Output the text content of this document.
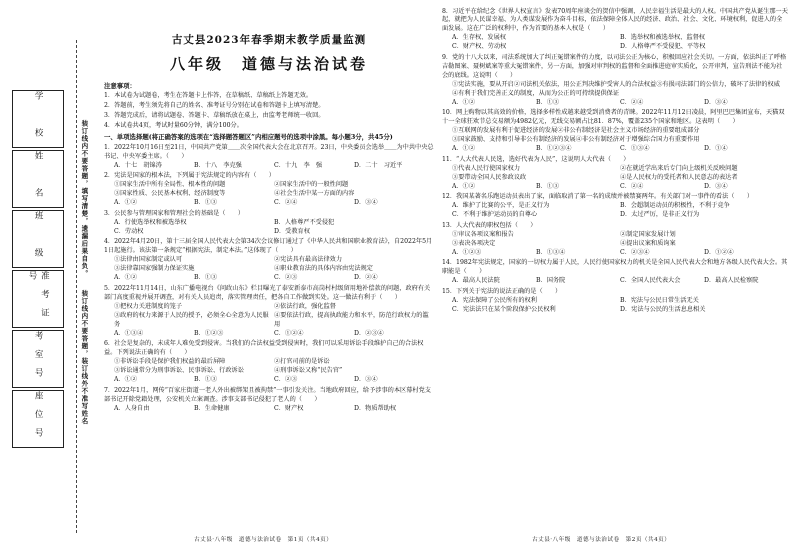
学　校
姓　名
班　级
准考证号
考室号
座位号
装订线内不要答题，填写清楚，遗漏后果自负。
装订线内不要答题，装订线外不准写姓名
古丈县2023年春季期末教学质量监测
八年级　道德与法治试卷
注意事项：
1．本试卷为试题卷，考生在答题卡上作答，在草稿纸、草稿纸上答题无效。
2．答题前，考生须先将自己的姓名、准考证号分别在试卷和答题卡上填写清楚。
3．答题完成后，请将试题卷、答题卡、草稿纸放在桌上，由监考老师统一收回。
4．本试卷共4页，考试时量60分钟，满分100分。
一、单项选择题(将正确答案的选项在“选择题答题区”内相应题号的选项中涂黑。每小题3分，共45分)
1．2022年10月16日至21日，中国共产党第＿＿次全国代表大会在北京召开。23日，中央委员会选举＿＿为中共中央总书记、中央军委主席。（　　）
A．十七　胡锦涛	B．十八　李克强	C．十九　李　强	D．二十　习近平
2．宪法是国家的根本法，下列属于宪法规定的内容有（　　）
①国家生活中所有全局性、根本性的问题	②国家生活中的一般性问题
③国家性质、公民基本权利、经济制度等	④社会生活中某一方面的内容
A．①②	B．①③	C．②④	D．③④
3．公民参与管理国家和管理社会的基础是（　　）
A．行使选举权和被选举权	B．人格尊严不受侵犯
C．劳动权	D．受教育权
4．2022年4月20日，第十三届全国人民代表大会第34次会议修订通过了《中华人民共和国职业教育法》，自2022年5月1日起施行。该法第一条规定“根据宪法，制定本法。”这体现了（　　）
①法律由国家制定或认可	②宪法具有最高法律效力
③法律靠国家强制力保证实施	④职业教育法的具体内容由宪法规定
A．①②	B．①③	C．②③	D．②④
5．2022年11月14日，山东广播电视台《问政山东》栏目曝光了泰安新泰市高岗村村级留用地补偿款的问题，政府有关部门高度重视并展开调查，对有关人员追责，落实管理责任，把各自工作做到实处。这一做法有利于（　　）
①把权力关进制度的笼子	②依法行政，强化监督
③政府的权力来源于人民的授予，必须全心全意为人民服务
④要依法行政，提高执政能力和水平，防范行政权力的滥用
A．①③④	B．①②③	C．①②④	D．②③④
6．社会是复杂的，未成年人难免受到侵害。当我们的合法权益受到侵害时，我们可以采用诉讼手段维护自己的合法权益。下列说法正确的有（　　）
①非诉讼手段是保护我们权益的最后屏障	②打官司前的是诉讼
③诉讼通常分为刑事诉讼、民事诉讼、行政诉讼	④刑事诉讼又称“民告官”
A．①②	B．①③	C．②③	D．③④
7．2022年1月，网传“百家庄街道一老人外出被绑架且被拘禁”一事引发关注。当地政府回应，给予涉事的本区幕村党支部书记开除党籍处理，公安机关立案调查。涉事支部书记侵犯了老人的（　　）
A．人身自由	B．生命健康	C．财产权	D．物质帮助权
古丈县·八年级　道德与法治试卷　第1页（共4页）
8．习近平在给纪念《世界人权宣言》发表70周年座谈会的贺信中强调，人民幸福生活是最大的人权。中国共产党从诞生那一天起，就把为人民谋幸福、为人类谋发展作为奋斗目标，依法保障全体人民的经济、政治、社会、文化、环境权利，促进人的全面发展。这在广泛的权利中，作为首要的基本人权是（　　）
A．生存权、发展权	B．选举权和被选举权、监督权
C．财产权、劳动权	D．人格尊严不受侵犯、平等权
9．党的十八大以来，司法系统加大了纠正冤错案件的力度，以司法公正为核心，积极回应社会关切。一方面，依法纠正了呼格吉勒图案、聂树斌案等重大冤错案件，另一方面，加强对审判权的监督和全面推进庭审实质化，公开审判，宣告刑法不能为社会的底线。这说明（　　）
①宪法实施，要从开启 ②司法机关依法，用公正判决维护受害人的合法权益 ③有损司法部门的公信力，破坏了法律的权威
④有利于我们完善正义的制度，从而为公正的可持续提供保证
A．①②	B．①③	C．②④	D．③④
10．网上购物以其高效的价格，选择多样性成越来越受到消费者的青睐。2022年11月12日凌晨，阿里巴巴集团宣布，天猫双十一全球狂欢节总交易额为4982亿元，无线交易额占比81．87%，覆盖235个国家和地区。这表明（　　）
①互联网的发展有利于促进经济的发展 ②非公有制经济是社会主义市场经济的重要组成部分
③国家鼓励、支持和引导非公有制经济的发展 ④非公有制经济对于增强综合国力有重要作用
A．①②	B．①②③④	C．①③④	D．①④
11．“人大代表人民选，选好代表为人民”，这说明人大代表（　　）
①代表人民行使国家权力	②在就近学出来后专门向上级机关反映问题
③要带动全国人民参政议政	④是人民权力的受托者和人民意志的表达者
A．①②	B．①③	C．②④	D．③④
12．我国某著名乐跑运动员表出了家，面临取消了第一名的成绩并被禁赛两年。有关部门对一事件的看法（　　）
A．维护了比赛的公平，是正义行为	B．会超制运动员的积极性，不利于竞争
C．不利于维护运动员的自尊心	D．太过严厉，是非正义行为
13．人大代表的职权包括（　　）
①审议各项议案和报告	②制定国家发展计划
③表决各项决定	④提出议案和质询案
A．①②③	B．①③④	C．②③④	D．①②④
14．1982年宪法规定，国家的一切权力属于人民，人民行使国家权力的机关是全国人民代表大会和地方各级人民代表大会。其职能是（　　）
A．最高人民法院	B．国务院	C．全国人民代表大会	D．最高人民检察院
15．下列关于宪法的说法正确的是（　　）
A．宪法保障了公民所有的权利	B．宪法与公民日常生活无关
C．宪法法只在某个阶段保护公民权利	D．宪法与公民的生活息息相关
古丈县·八年级　道德与法治试卷　第2页（共4页）
